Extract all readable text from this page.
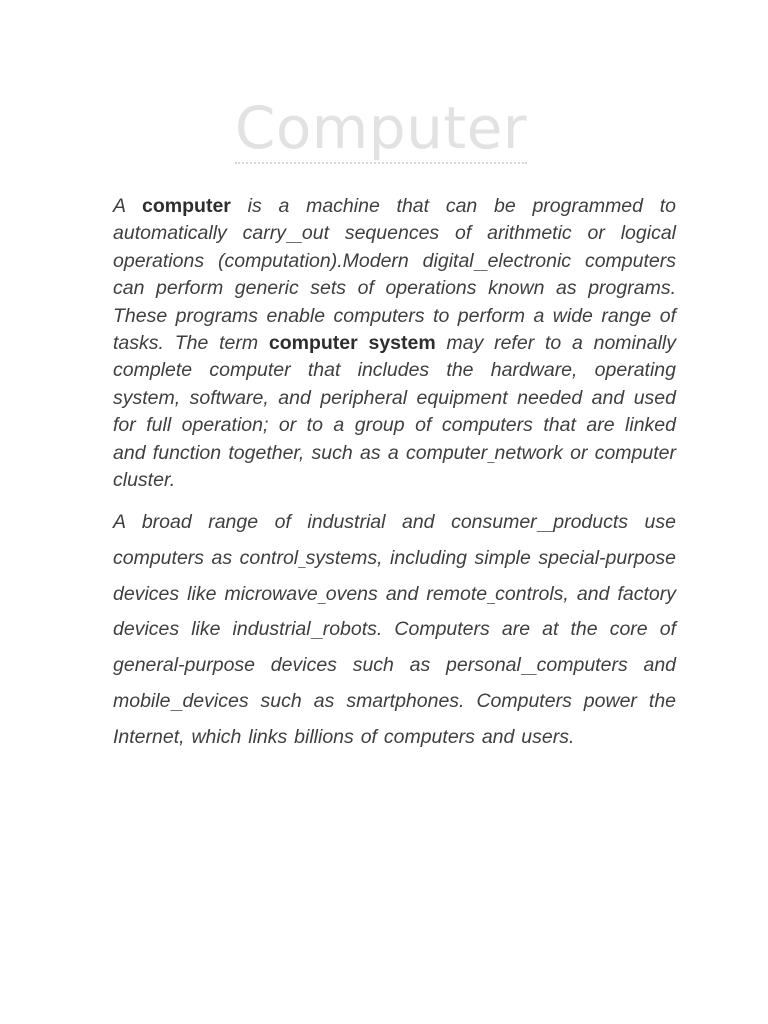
Computer

A computer is a machine that can be programmed to automatically carry out sequences of arithmetic or logical operations (computation).Modern digital electronic computers can perform generic sets of operations known as programs. These programs enable computers to perform a wide range of tasks. The term computer system may refer to a nominally complete computer that includes the hardware, operating system, software, and peripheral equipment needed and used for full operation; or to a group of computers that are linked and function together, such as a computer network or computer cluster.

A broad range of industrial and consumer products use computers as control systems, including simple special-purpose devices like microwave ovens and remote controls, and factory devices like industrial robots. Computers are at the core of general-purpose devices such as personal computers and mobile devices such as smartphones. Computers power the Internet, which links billions of computers and users.
